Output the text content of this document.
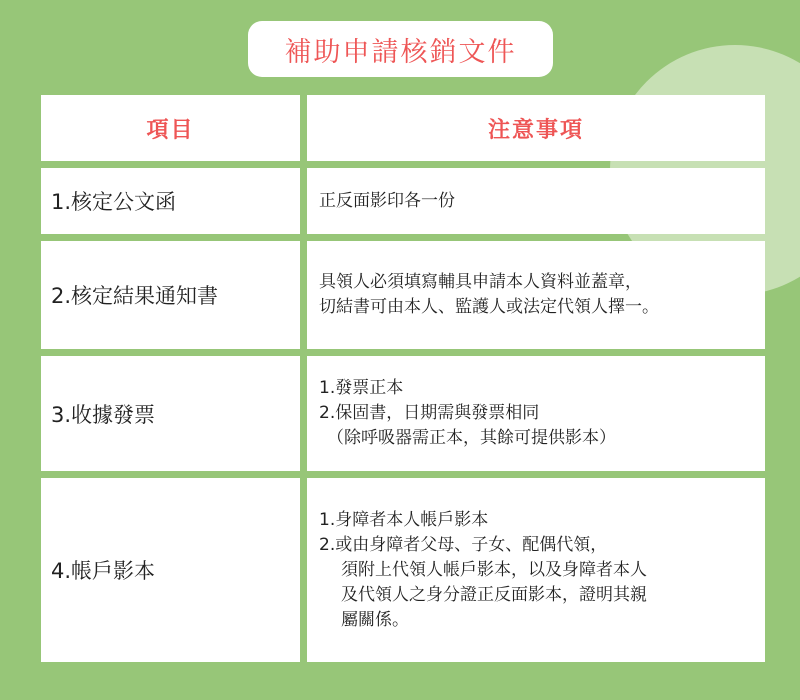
補助申請核銷文件
項目	注意事項
1.核定公文函	正反面影印各一份
2.核定結果通知書
具領人必須填寫輔具申請本人資料並蓋章，
切結書可由本人、監護人或法定代領人擇一。
3.收據發票
1.發票正本
2.保固書，日期需與發票相同
（除呼吸器需正本，其餘可提供影本）
4.帳戶影本
1.身障者本人帳戶影本
2.或由身障者父母、子女、配偶代領，
須附上代領人帳戶影本，以及身障者本人
及代領人之身分證正反面影本，證明其親
屬關係。
